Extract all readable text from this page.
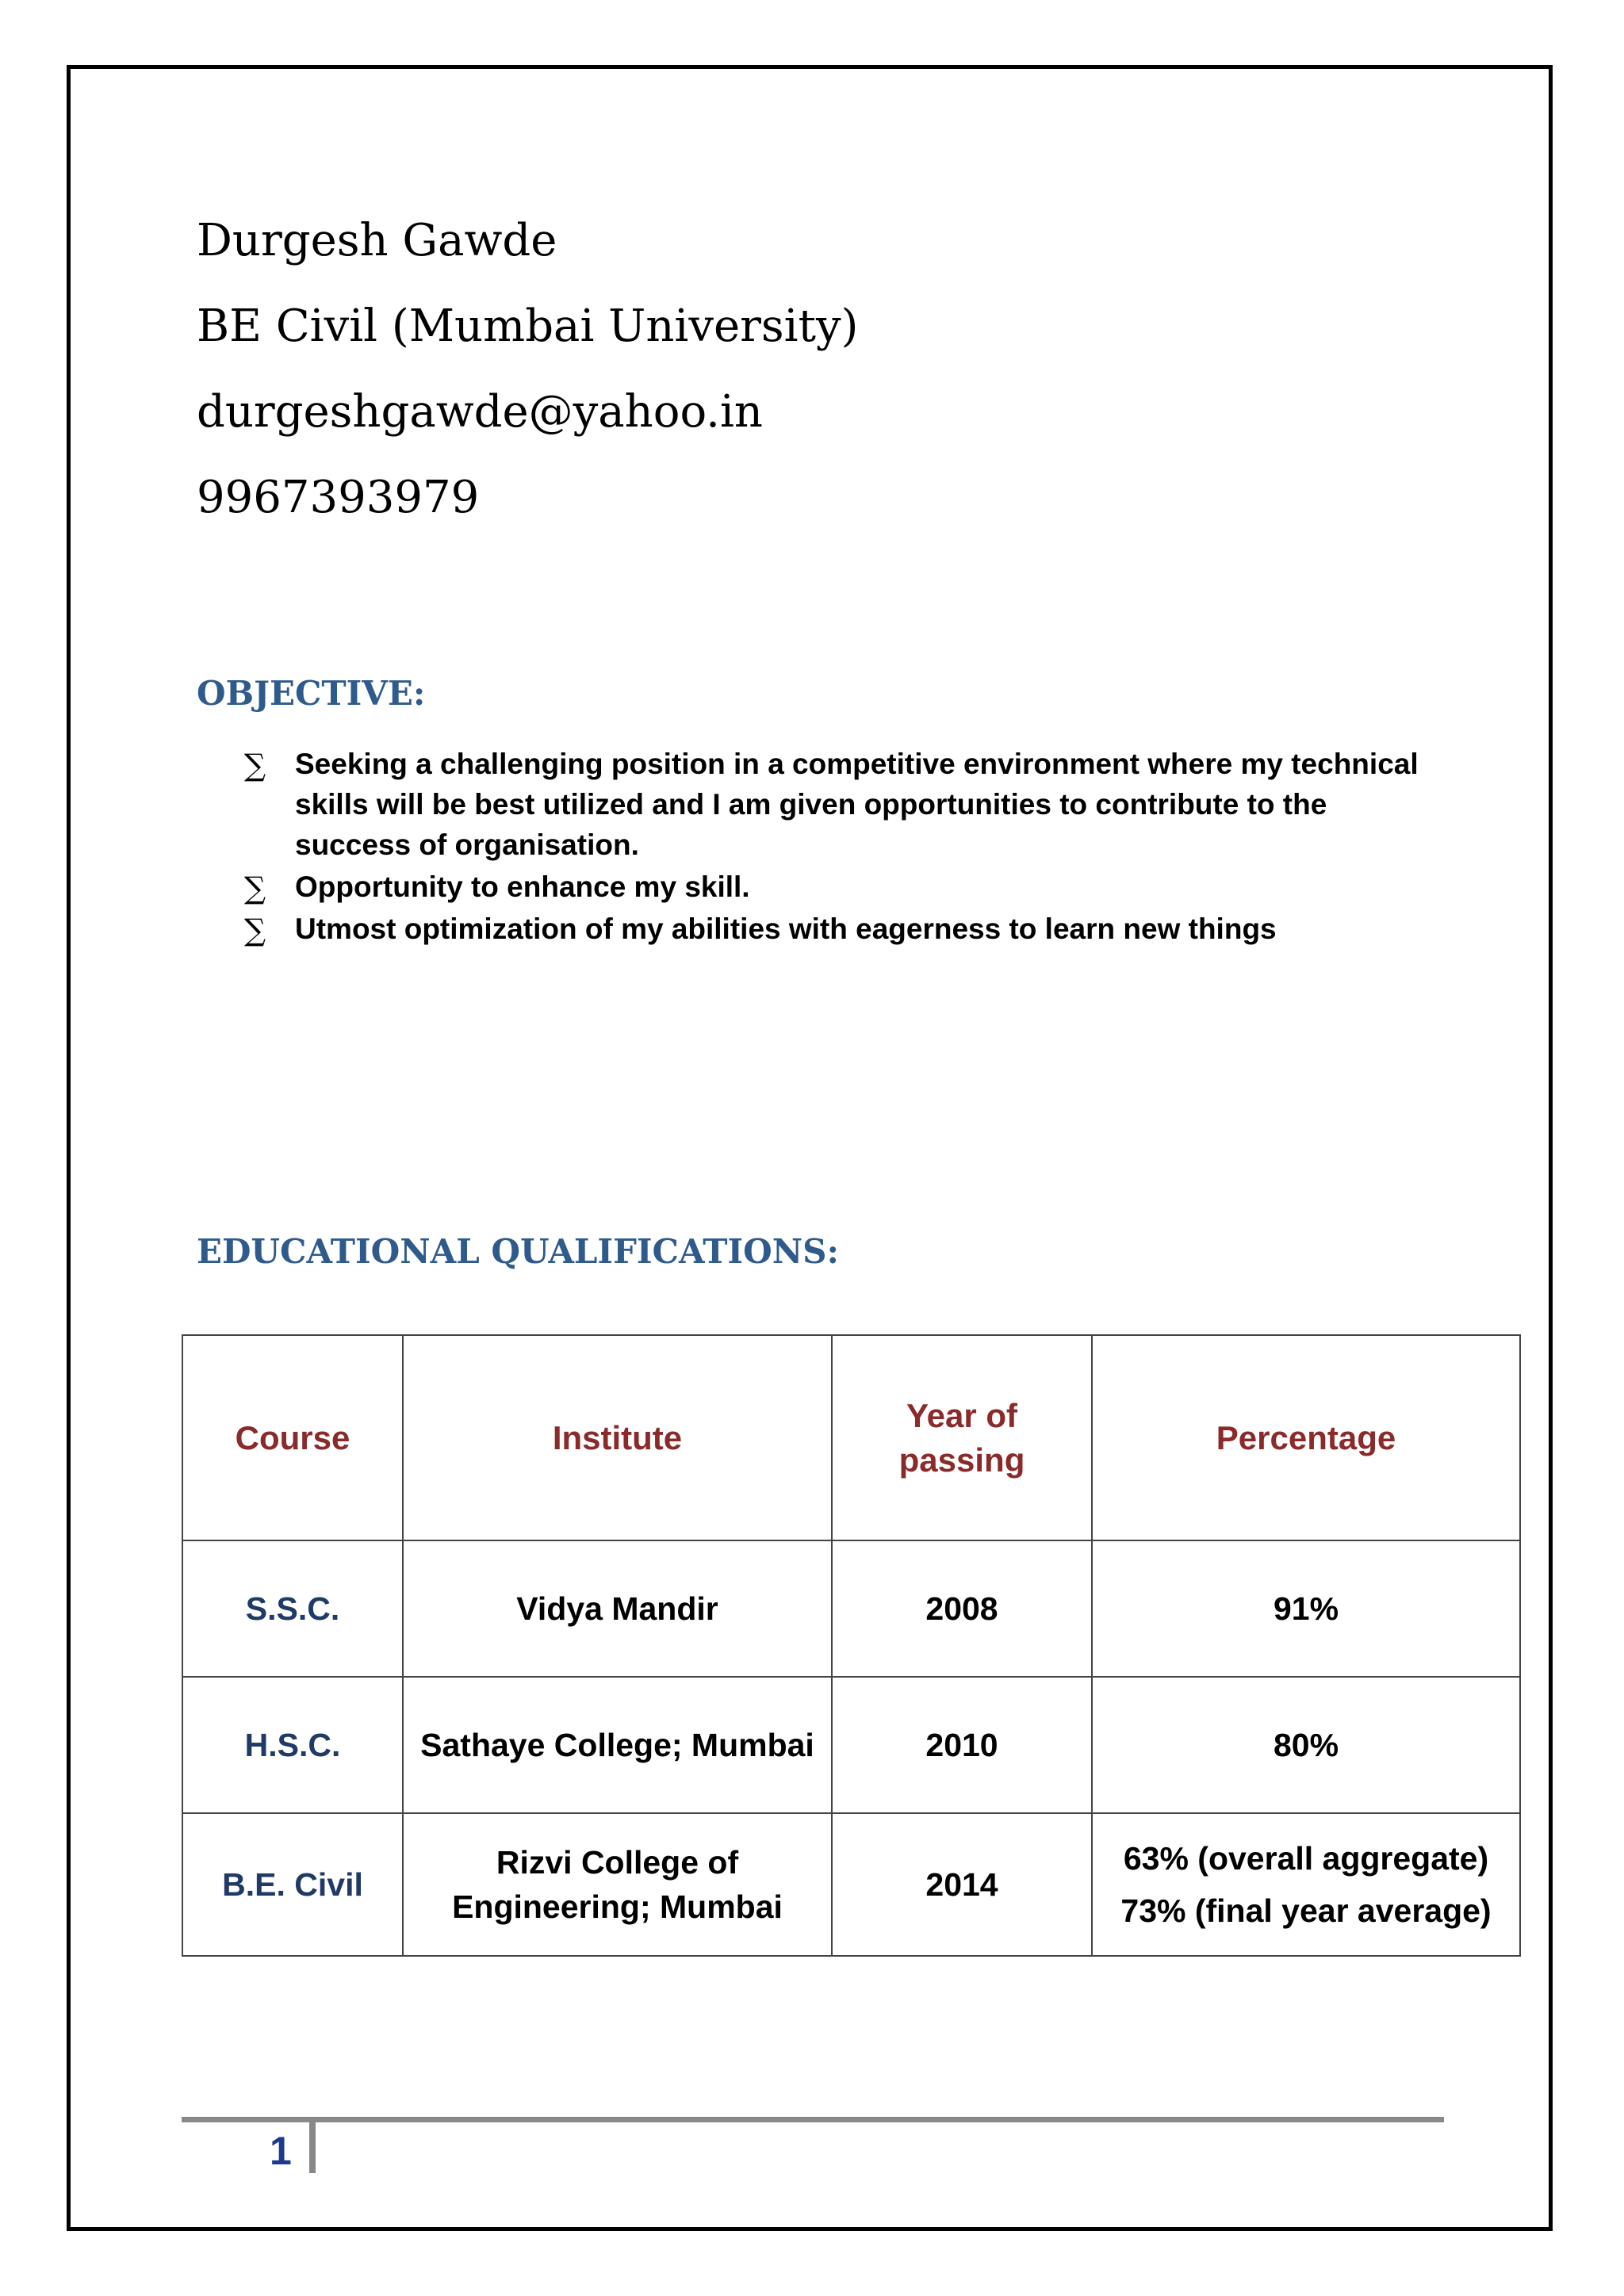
Durgesh Gawde
BE Civil (Mumbai University)
durgeshgawde@yahoo.in
9967393979
OBJECTIVE:
∑ Seeking a challenging position in a competitive environment where my technical skills will be best utilized and I am given opportunities to contribute to the success of organisation.
∑ Opportunity to enhance my skill.
∑ Utmost optimization of my abilities with eagerness to learn new things
EDUCATIONAL QUALIFICATIONS:
Course	Institute	Year of passing	Percentage
S.S.C.	Vidya Mandir	2008	91%

H.S.C.	Sathaye College; Mumbai	2010	80%

B.E. Civil	Rizvi College of Engineering; Mumbai	2014	63% (overall aggregate)
73% (final year average)
1
